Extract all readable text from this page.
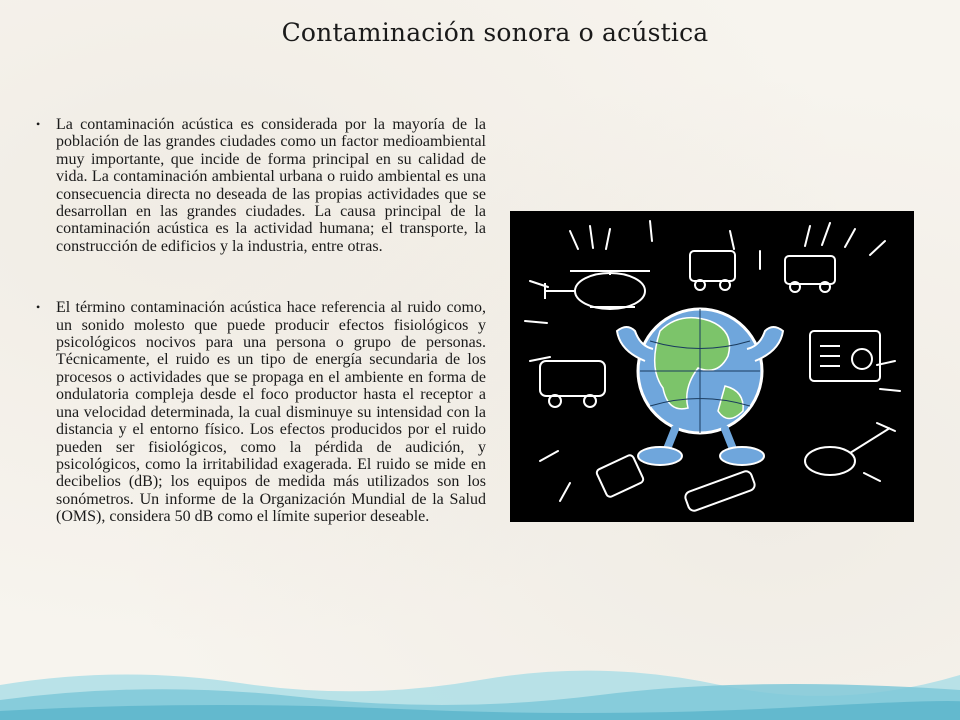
Contaminación sonora o acústica

• La contaminación acústica es considerada por la mayoría de la población de las grandes ciudades como un factor medioambiental muy importante, que incide de forma principal en su calidad de vida. La contaminación ambiental urbana o ruido ambiental es una consecuencia directa no deseada de las propias actividades que se desarrollan en las grandes ciudades. La causa principal de la contaminación acústica es la actividad humana; el transporte, la construcción de edificios y la industria, entre otras.

• El término contaminación acústica hace referencia al ruido como, un sonido molesto que puede producir efectos fisiológicos y psicológicos nocivos para una persona o grupo de personas. Técnicamente, el ruido es un tipo de energía secundaria de los procesos o actividades que se propaga en el ambiente en forma de ondulatoria compleja desde el foco productor hasta el receptor a una velocidad determinada, la cual disminuye su intensidad con la distancia y el entorno físico. Los efectos producidos por el ruido pueden ser fisiológicos, como la pérdida de audición, y psicológicos, como la irritabilidad exagerada. El ruido se mide en decibelios (dB); los equipos de medida más utilizados son los sonómetros. Un informe de la Organización Mundial de la Salud (OMS), considera 50 dB como el límite superior deseable.
